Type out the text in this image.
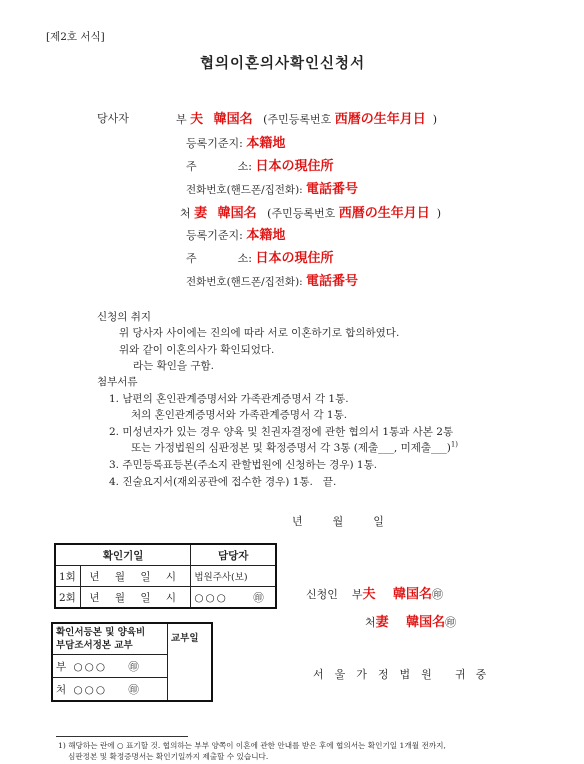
[제2호 서식]
협의이혼의사확인신청서
당사자	부 夫 韓国名 (주민등록번호 西暦の生年月日 )
등록기준지: 本籍地
주	소: 日本の現住所
전화번호(핸드폰/집전화): 電話番号
처 妻 韓国名 (주민등록번호 西暦の生年月日 )
등록기준지: 本籍地
주	소: 日本の現住所
전화번호(핸드폰/집전화): 電話番号
신청의 취지
위 당사자 사이에는 진의에 따라 서로 이혼하기로 합의하였다.
위와 같이 이혼의사가 확인되었다.
라는 확인을 구함.
첨부서류
1. 남편의 혼인관계증명서와 가족관계증명서 각 1통.
처의 혼인관계증명서와 가족관계증명서 각 1통.
2. 미성년자가 있는 경우 양육 및 친권자결정에 관한 협의서 1통과 사본 2통
또는 가정법원의 심판정본 및 확정증명서 각 3통 (제출___, 미제출___)$^{1)}$
3. 주민등록표등본(주소지 관할법원에 신청하는 경우) 1통.
4. 진술요지서(재외공관에 접수한 경우) 1통. 끝.
년    월    일
확인기일		담당자
1회	년 월 일 시	법원주사(보)
2회	년 월 일 시	○○○ ㊞
확인서등본 및 양육비
부담조서정본 교부
	교부일
부 ○○○ ㊞
처 ○○○ ㊞
신청인 부夫 韓国名㊞
처妻 韓国名㊞
서울가정법원 귀중
1) 해당하는 란에 ○ 표기할 것. 협의하는 부부 양쪽이 이혼에 관한 안내를 받은 후에 협의서는 확인기일 1개월 전까지,
심판정본 및 확정증명서는 확인기일까지 제출할 수 있습니다.
